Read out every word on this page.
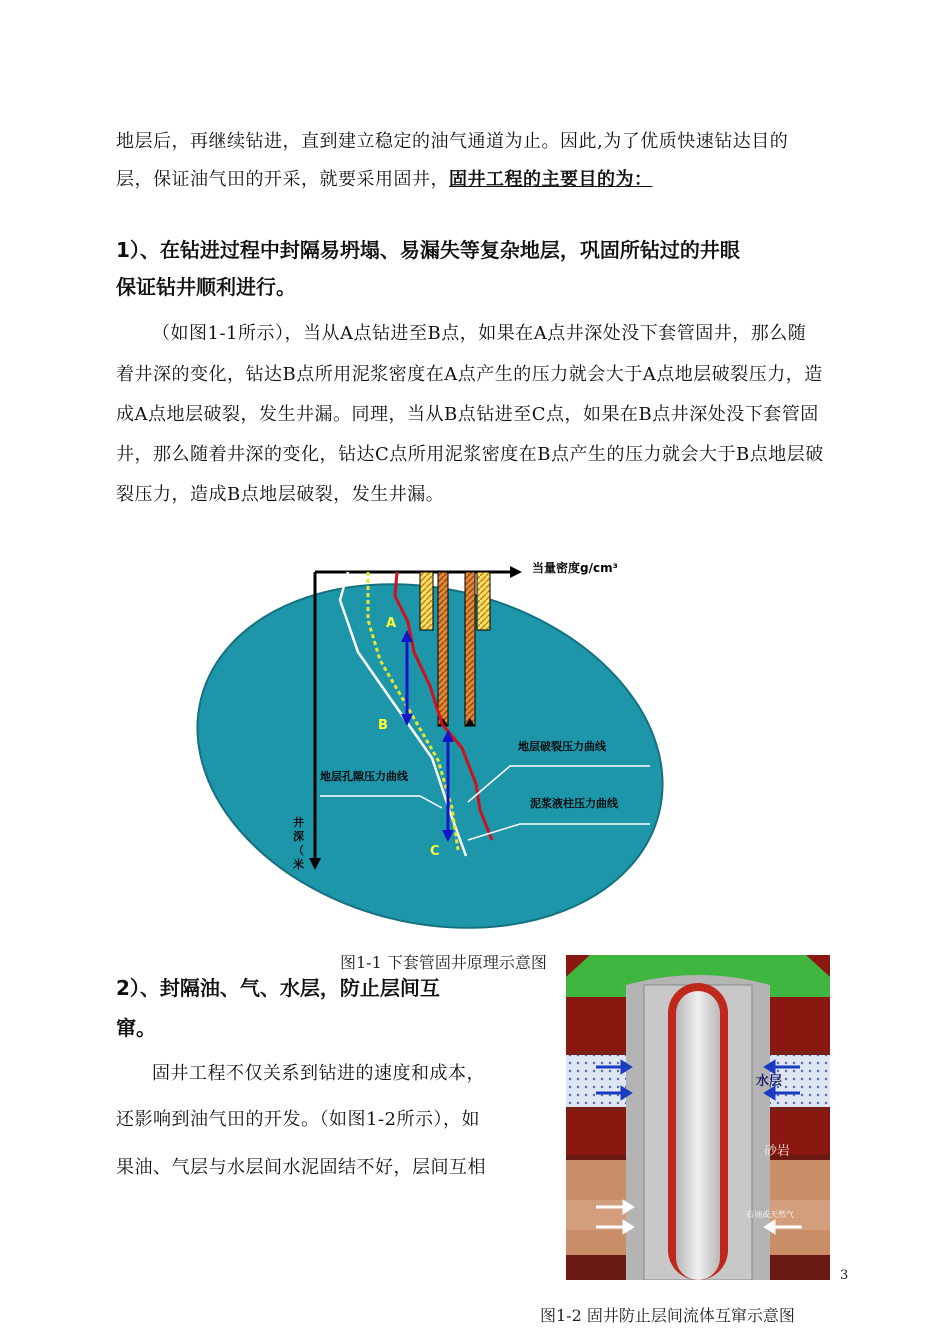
地层后，再继续钻进，直到建立稳定的油气通道为止。因此,为了优质快速钻达目的
层，保证油气田的开采，就要采用固井，固井工程的主要目的为：
1）、在钻进过程中封隔易坍塌、易漏失等复杂地层，巩固所钻过的井眼
保证钻井顺利进行。
（如图1-1所示），当从A点钻进至B点，如果在A点井深处没下套管固井，那么随
着井深的变化，钻达B点所用泥浆密度在A点产生的压力就会大于A点地层破裂压力，造
成A点地层破裂，发生井漏。同理，当从B点钻进至C点，如果在B点井深处没下套管固
井，那么随着井深的变化，钻达C点所用泥浆密度在B点产生的压力就会大于B点地层破
裂压力，造成B点地层破裂，发生井漏。
A
B
C
当量密度g/cm³
井深（米
地层破裂压力曲线
地层孔隙压力曲线
泥浆液柱压力曲线
图1-1 下套管固井原理示意图
2）、封隔油、气、水层，防止层间互
窜。
水层
砂岩
石油或天然气
固井工程不仅关系到钻进的速度和成本，
还影响到油气田的开发。（如图1-2所示），如
果油、气层与水层间水泥固结不好，层间互相
3
图1-2 固井防止层间流体互窜示意图
